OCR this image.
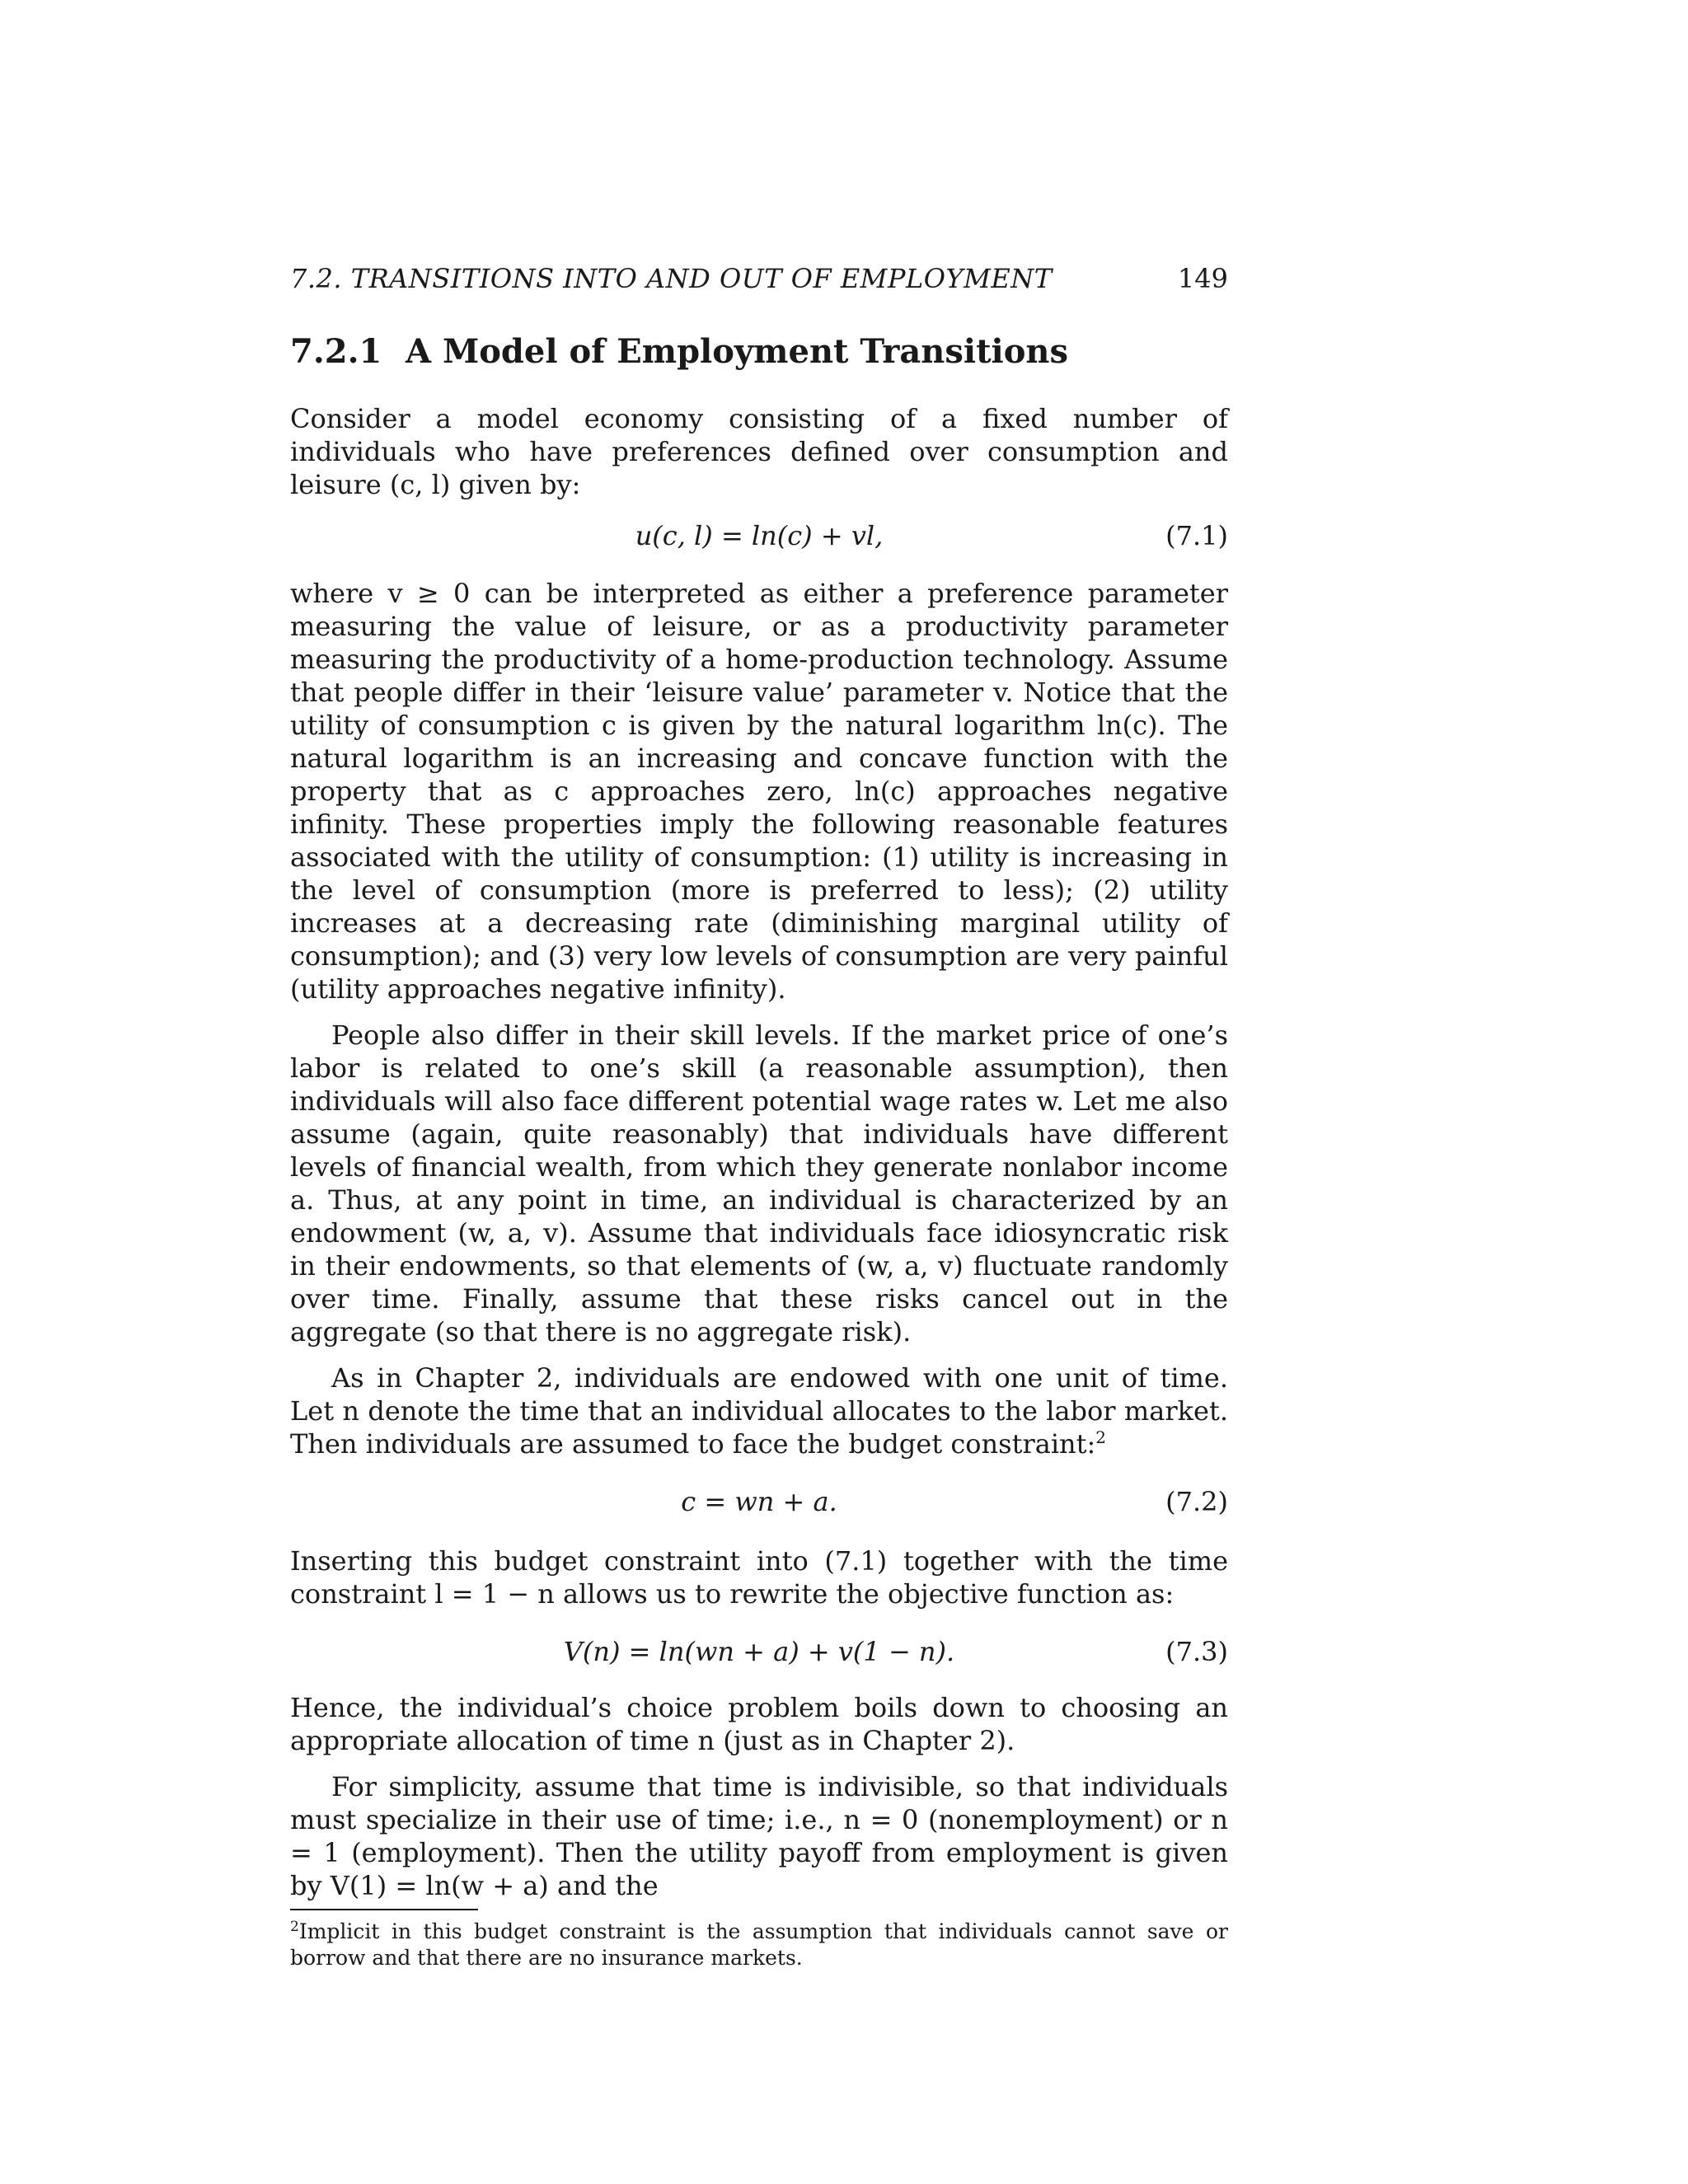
7.2. TRANSITIONS INTO AND OUT OF EMPLOYMENT	149
7.2.1 A Model of Employment Transitions

Consider a model economy consisting of a fixed number of individuals who have preferences defined over consumption and leisure (c, l) given by:

u(c, l) = ln(c) + vl,	(7.1)

where v ≥ 0 can be interpreted as either a preference parameter measuring the value of leisure, or as a productivity parameter measuring the productivity of a home-production technology. Assume that people differ in their ‘leisure value’ parameter v. Notice that the utility of consumption c is given by the natural logarithm ln(c). The natural logarithm is an increasing and concave function with the property that as c approaches zero, ln(c) approaches negative infinity. These properties imply the following reasonable features associated with the utility of consumption: (1) utility is increasing in the level of consumption (more is preferred to less); (2) utility increases at a decreasing rate (diminishing marginal utility of consumption); and (3) very low levels of consumption are very painful (utility approaches negative infinity).

People also differ in their skill levels. If the market price of one’s labor is related to one’s skill (a reasonable assumption), then individuals will also face different potential wage rates w. Let me also assume (again, quite reasonably) that individuals have different levels of financial wealth, from which they generate nonlabor income a. Thus, at any point in time, an individual is characterized by an endowment (w, a, v). Assume that individuals face idiosyncratic risk in their endowments, so that elements of (w, a, v) fluctuate randomly over time. Finally, assume that these risks cancel out in the aggregate (so that there is no aggregate risk).

As in Chapter 2, individuals are endowed with one unit of time. Let n denote the time that an individual allocates to the labor market. Then individuals are assumed to face the budget constraint:$^2$

c = wn + a.	(7.2)

Inserting this budget constraint into (7.1) together with the time constraint l = 1 − n allows us to rewrite the objective function as:

V(n) = ln(wn + a) + v(1 − n).	(7.3)

Hence, the individual’s choice problem boils down to choosing an appropriate allocation of time n (just as in Chapter 2).

For simplicity, assume that time is indivisible, so that individuals must specialize in their use of time; i.e., n = 0 (nonemployment) or n = 1 (employment). Then the utility payoff from employment is given by V(1) = ln(w + a) and the

$^2$Implicit in this budget constraint is the assumption that individuals cannot save or borrow and that there are no insurance markets.
